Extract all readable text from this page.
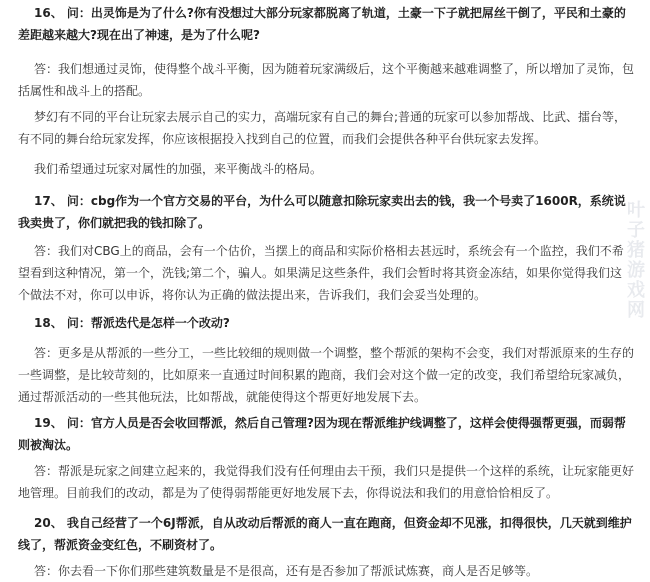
叶子猪游戏网
16、 问：出灵饰是为了什么?你有没想过大部分玩家都脱离了轨道，土豪一下子就把屌丝干倒了，平民和土豪的差距越来越大?现在出了神速，是为了什么呢?
答：我们想通过灵饰，使得整个战斗平衡，因为随着玩家满级后，这个平衡越来越难调整了，所以增加了灵饰，包括属性和战斗上的搭配。
梦幻有不同的平台让玩家去展示自己的实力，高端玩家有自己的舞台;普通的玩家可以参加帮战、比武、擂台等，有不同的舞台给玩家发挥，你应该根据投入找到自己的位置，而我们会提供各种平台供玩家去发挥。
我们希望通过玩家对属性的加强，来平衡战斗的格局。
17、 问：cbg作为一个官方交易的平台，为什么可以随意扣除玩家卖出去的钱，我一个号卖了1600R，系统说我卖贵了，你们就把我的钱扣除了。
答：我们对CBG上的商品，会有一个估价，当摆上的商品和实际价格相去甚远时，系统会有一个监控，我们不希望看到这种情况，第一个，洗钱;第二个，骗人。如果满足这些条件，我们会暂时将其资金冻结，如果你觉得我们这个做法不对，你可以申诉，将你认为正确的做法提出来，告诉我们，我们会妥当处理的。
18、 问：帮派迭代是怎样一个改动?
答：更多是从帮派的一些分工，一些比较细的规则做一个调整，整个帮派的架构不会变，我们对帮派原来的生存的一些调整，是比较苛刻的，比如原来一直通过时间积累的跑商，我们会对这个做一定的改变，我们希望给玩家减负，通过帮派活动的一些其他玩法，比如帮战，就能使得这个帮更好地发展下去。
19、 问：官方人员是否会收回帮派，然后自己管理?因为现在帮派维护线调整了，这样会使得强帮更强，而弱帮则被淘汰。
答：帮派是玩家之间建立起来的，我觉得我们没有任何理由去干预，我们只是提供一个这样的系统，让玩家能更好地管理。目前我们的改动，都是为了使得弱帮能更好地发展下去，你得说法和我们的用意恰恰相反了。
20、 我自己经营了一个6J帮派，自从改动后帮派的商人一直在跑商，但资金却不见涨，扣得很快，几天就到维护线了，帮派资金变红色，不刷资材了。
答：你去看一下你们那些建筑数量是不是很高，还有是否参加了帮派试炼赛，商人是否足够等。
